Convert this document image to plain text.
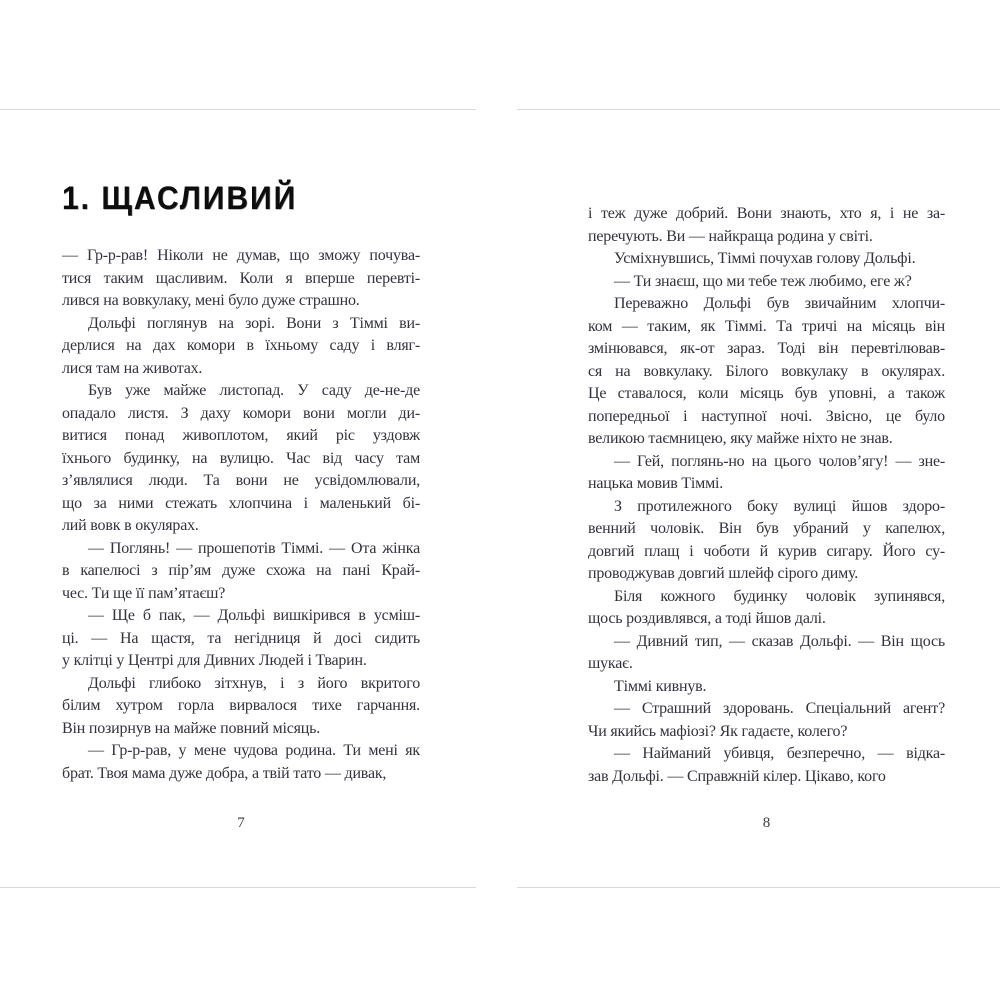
1. ЩАСЛИВИЙ
— Гр-р-рав! Ніколи не думав, що зможу почува-
тися таким щасливим. Коли я вперше перевті-
лився на вовкулаку, мені було дуже страшно.
Дольфі поглянув на зорі. Вони з Тіммі ви-
дерлися на дах комори в їхньому саду і вляг-
лися там на животах.
Був уже майже листопад. У саду де-не-де
опадало листя. З даху комори вони могли ди-
витися понад живоплотом, який ріс уздовж
їхнього будинку, на вулицю. Час від часу там
з’являлися люди. Та вони не усвідомлювали,
що за ними стежать хлопчина і маленький бі-
лий вовк в окулярах.
— Поглянь! — прошепотів Тіммі. — Ота жінка
в капелюсі з пір’ям дуже схожа на пані Край-
чес. Ти ще її пам’ятаєш?
— Ще б пак, — Дольфі вишкірився в усміш-
ці. — На щастя, та негідниця й досі сидить
у клітці у Центрі для Дивних Людей і Тварин.
Дольфі глибоко зітхнув, і з його вкритого
білим хутром горла вирвалося тихе гарчання.
Він позирнув на майже повний місяць.
— Гр-р-рав, у мене чудова родина. Ти мені як
брат. Твоя мама дуже добра, а твій тато — дивак,
7
і теж дуже добрий. Вони знають, хто я, і не за-
перечують. Ви — найкраща родина у світі.
Усміхнувшись, Тіммі почухав голову Дольфі.
— Ти знаєш, що ми тебе теж любимо, еге ж?
Переважно Дольфі був звичайним хлопчи-
ком — таким, як Тіммі. Та тричі на місяць він
змінювався, як-от зараз. Тоді він перевтілював-
ся на вовкулаку. Білого вовкулаку в окулярах.
Це ставалося, коли місяць був уповні, а також
попередньої і наступної ночі. Звісно, це було
великою таємницею, яку майже ніхто не знав.
— Гей, поглянь-но на цього чолов’ягу! — зне-
нацька мовив Тіммі.
З протилежного боку вулиці йшов здоро-
венний чоловік. Він був убраний у капелюх,
довгий плащ і чоботи й курив сигару. Його су-
проводжував довгий шлейф сірого диму.
Біля кожного будинку чоловік зупинявся,
щось роздивлявся, а тоді йшов далі.
— Дивний тип, — сказав Дольфі. — Він щось
шукає.
Тіммі кивнув.
— Страшний здоровань. Спеціальний агент?
Чи якийсь мафіозі? Як гадаєте, колего?
— Найманий убивця, безперечно, — відка-
зав Дольфі. — Справжній кілер. Цікаво, кого
8
